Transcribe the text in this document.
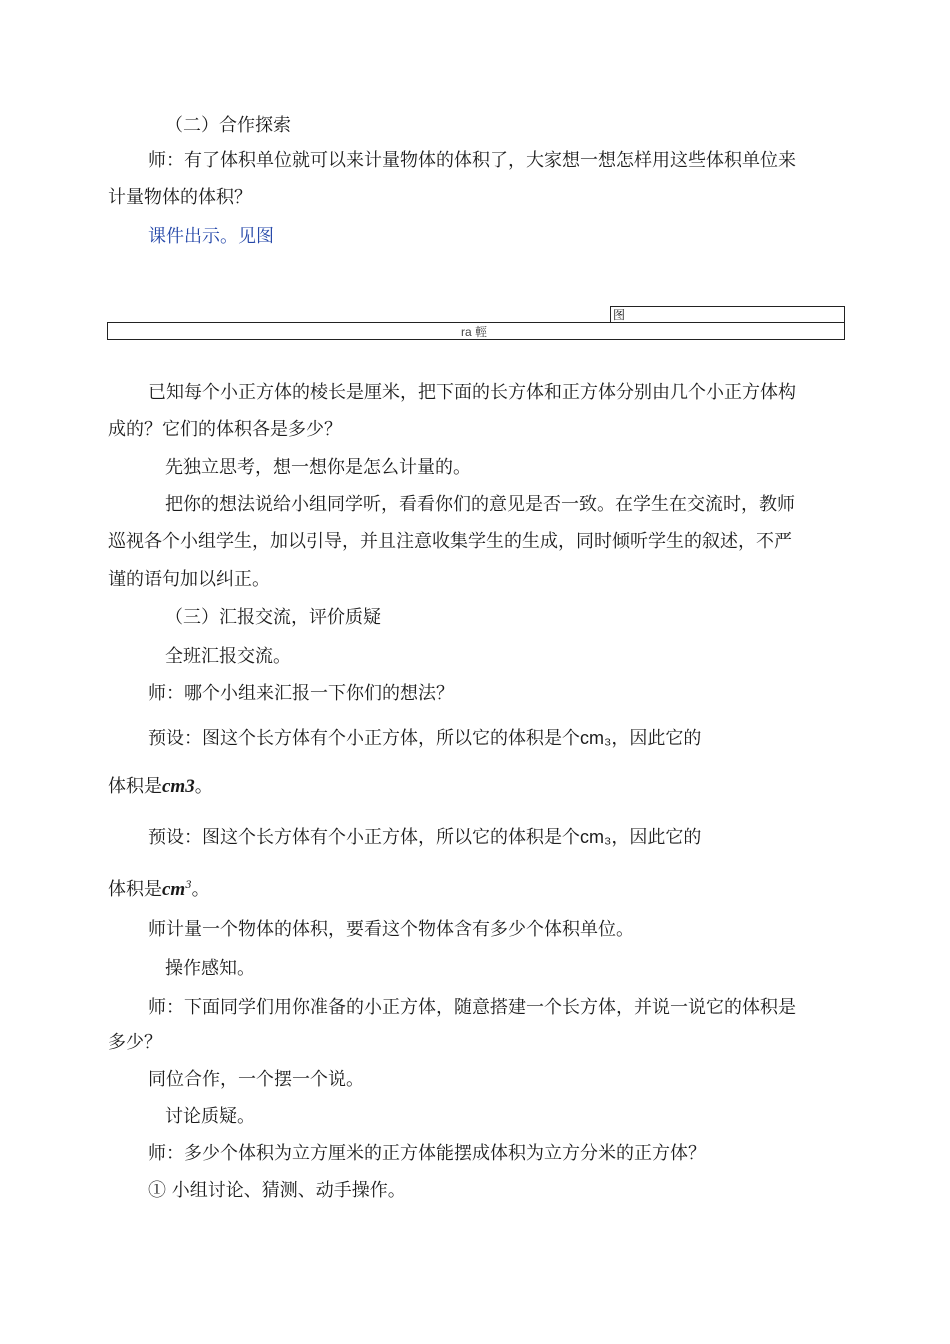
（二）合作探索
师：有了体积单位就可以来计量物体的体积了，大家想一想怎样用这些体积单位来
计量物体的体积？
课件出示。见图
图
ra 輕
已知每个小正方体的棱长是厘米，把下面的长方体和正方体分别由几个小正方体构
成的？它们的体积各是多少？
先独立思考，想一想你是怎么计量的。
把你的想法说给小组同学听，看看你们的意见是否一致。在学生在交流时，教师
巡视各个小组学生，加以引导，并且注意收集学生的生成，同时倾听学生的叙述，不严
谨的语句加以纠正。
（三）汇报交流，评价质疑
全班汇报交流。
师：哪个小组来汇报一下你们的想法？
预设：图这个长方体有个小正方体，所以它的体积是个cm₃，因此它的
体积是cm3。
预设：图这个长方体有个小正方体，所以它的体积是个cm₃，因此它的
体积是$cm^3$。
师计量一个物体的体积，要看这个物体含有多少个体积单位。
操作感知。
师：下面同学们用你准备的小正方体，随意搭建一个长方体，并说一说它的体积是
多少？
同位合作，一个摆一个说。
讨论质疑。
师：多少个体积为立方厘米的正方体能摆成体积为立方分米的正方体？
① 小组讨论、猜测、动手操作。
